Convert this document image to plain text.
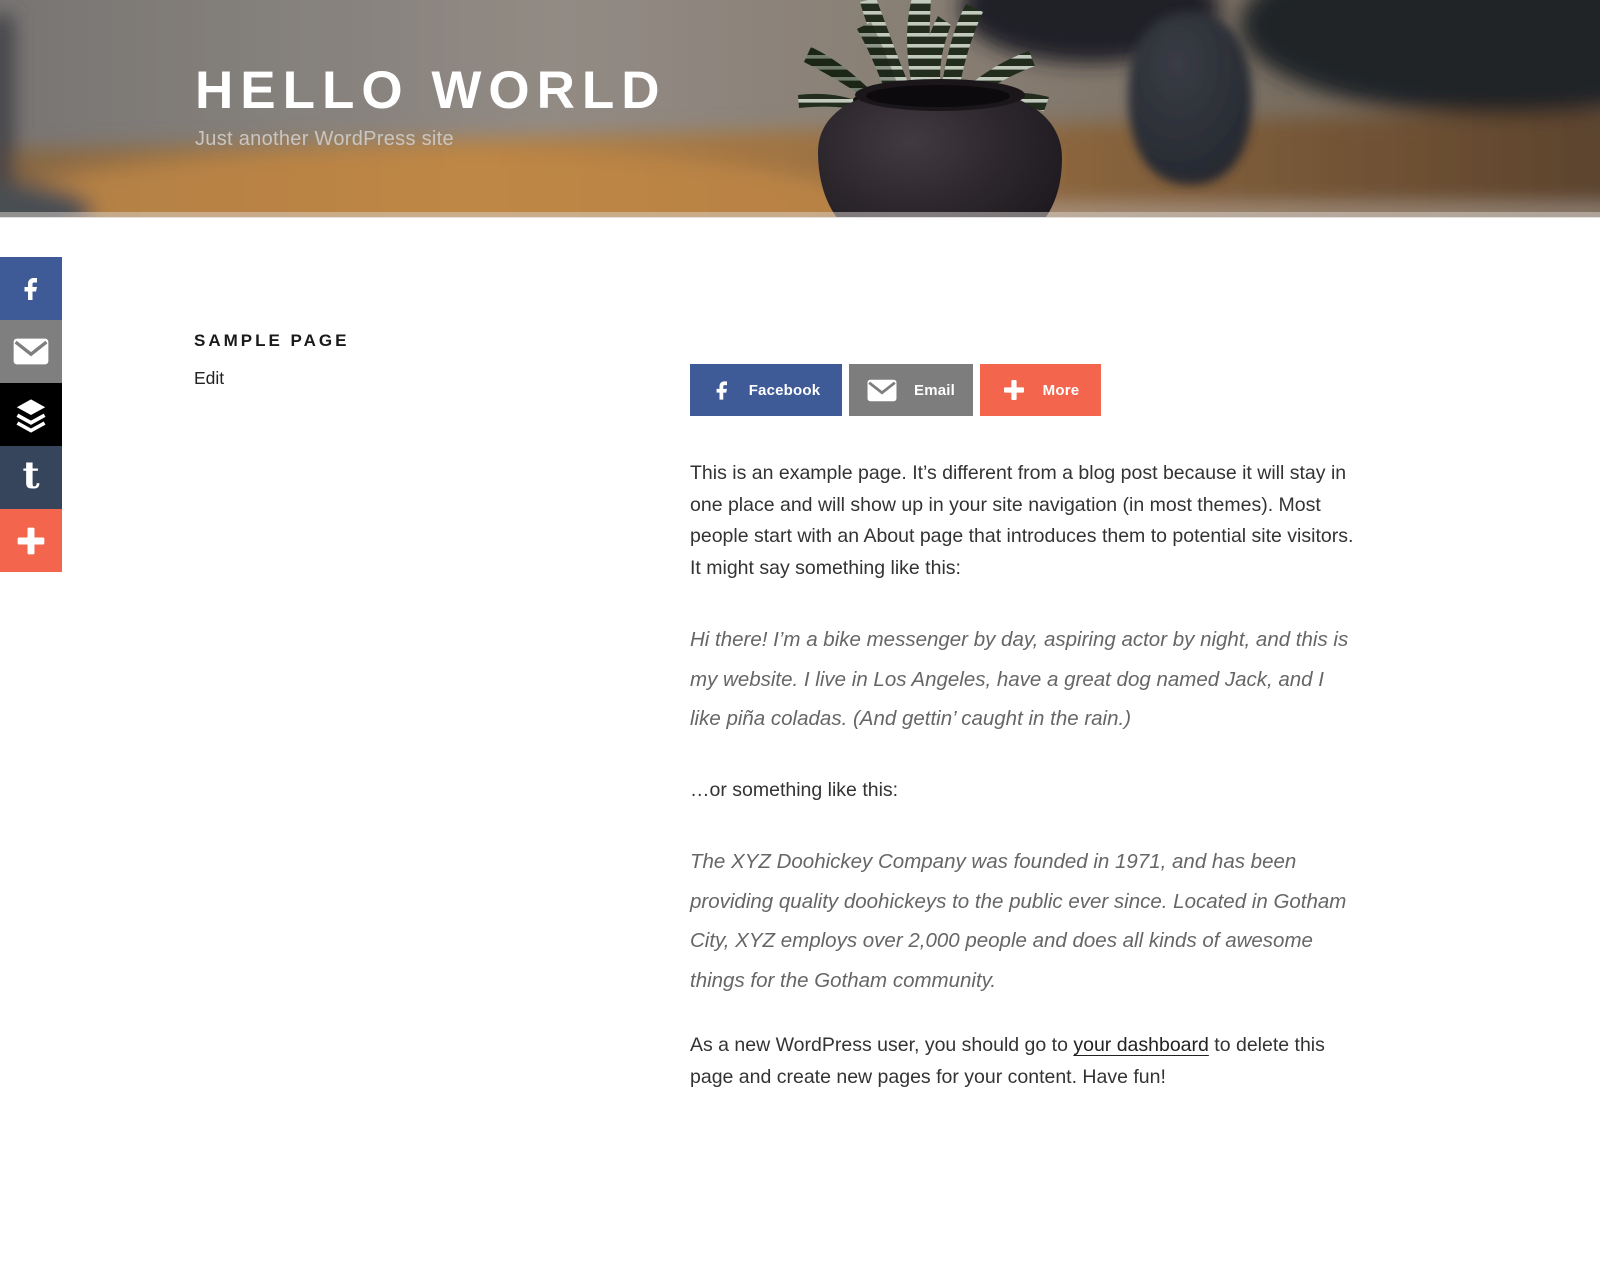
HELLO WORLD
Just another WordPress site
t
SAMPLE PAGE
Edit
Facebook	Email	More

This is an example page. It’s different from a blog post because it will stay in one place and will show up in your site navigation (in most themes). Most people start with an About page that introduces them to potential site visitors. It might say something like this:

Hi there! I’m a bike messenger by day, aspiring actor by night, and this is my website. I live in Los Angeles, have a great dog named Jack, and I like piña coladas. (And gettin’ caught in the rain.)

…or something like this:

The XYZ Doohickey Company was founded in 1971, and has been providing quality doohickeys to the public ever since. Located in Gotham City, XYZ employs over 2,000 people and does all kinds of awesome things for the Gotham community.

As a new WordPress user, you should go to your dashboard to delete this page and create new pages for your content. Have fun!
